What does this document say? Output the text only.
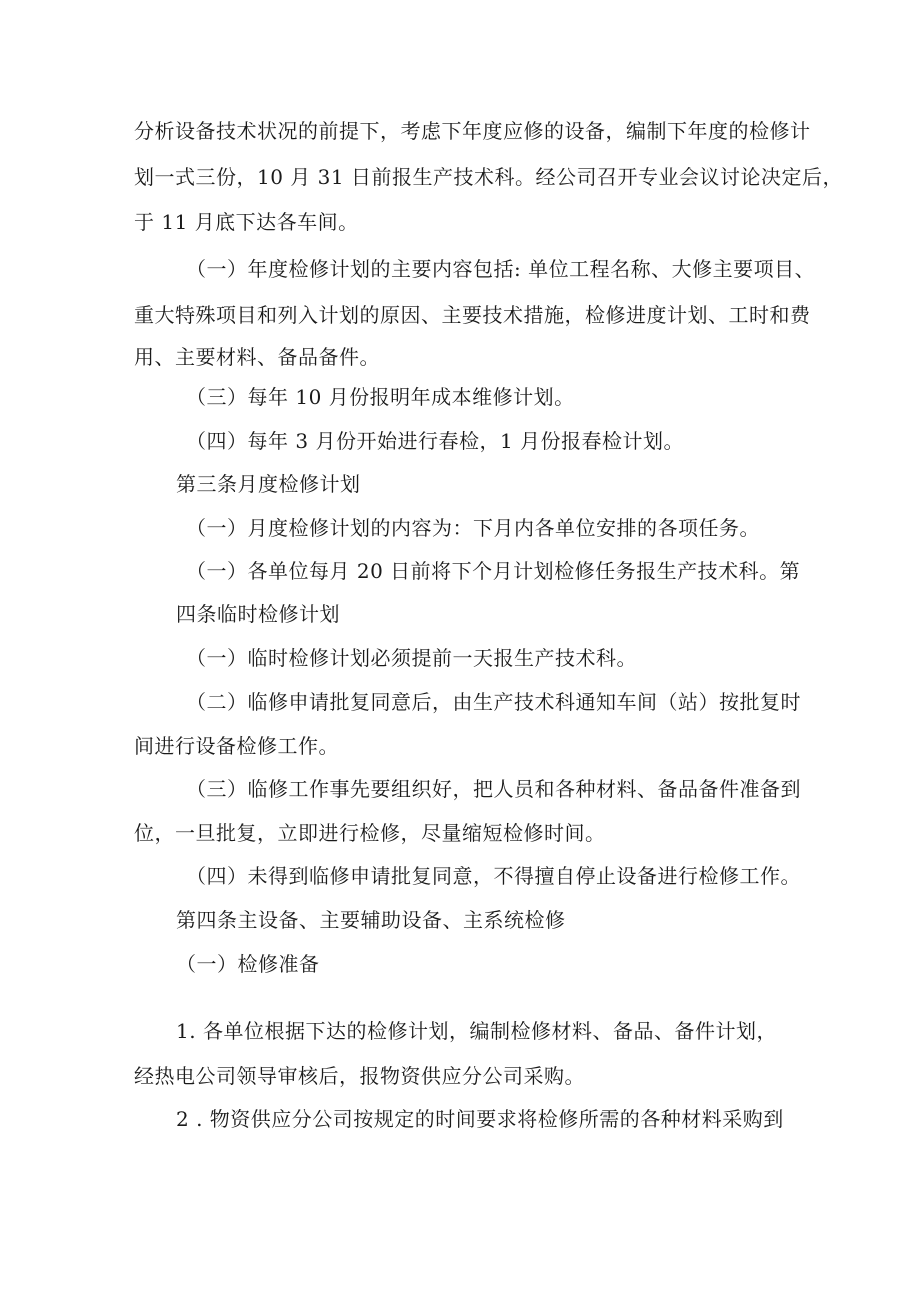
分析设备技术状况的前提下，考虑下年度应修的设备，编制下年度的检修计
划一式三份，10 月 31 日前报生产技术科。经公司召开专业会议讨论决定后，
于 11 月底下达各车间。
（一）年度检修计划的主要内容包括: 单位工程名称、大修主要项目、
重大特殊项目和列入计划的原因、主要技术措施，检修进度计划、工时和费
用、主要材料、备品备件。
（三）每年 10 月份报明年成本维修计划。
（四）每年 3 月份开始进行春检，1 月份报春检计划。
第三条月度检修计划
（一）月度检修计划的内容为：下月内各单位安排的各项任务。
（一）各单位每月 20 日前将下个月计划检修任务报生产技术科。第
四条临时检修计划
（一）临时检修计划必须提前一天报生产技术科。
（二）临修申请批复同意后，由生产技术科通知车间（站）按批复时
间进行设备检修工作。
（三）临修工作事先要组织好，把人员和各种材料、备品备件准备到
位，一旦批复，立即进行检修，尽量缩短检修时间。
（四）未得到临修申请批复同意，不得擅自停止设备进行检修工作。
第四条主设备、主要辅助设备、主系统检修
（一）检修准备
1. 各单位根据下达的检修计划，编制检修材料、备品、备件计划，
经热电公司领导审核后，报物资供应分公司采购。
2 . 物资供应分公司按规定的时间要求将检修所需的各种材料采购到
